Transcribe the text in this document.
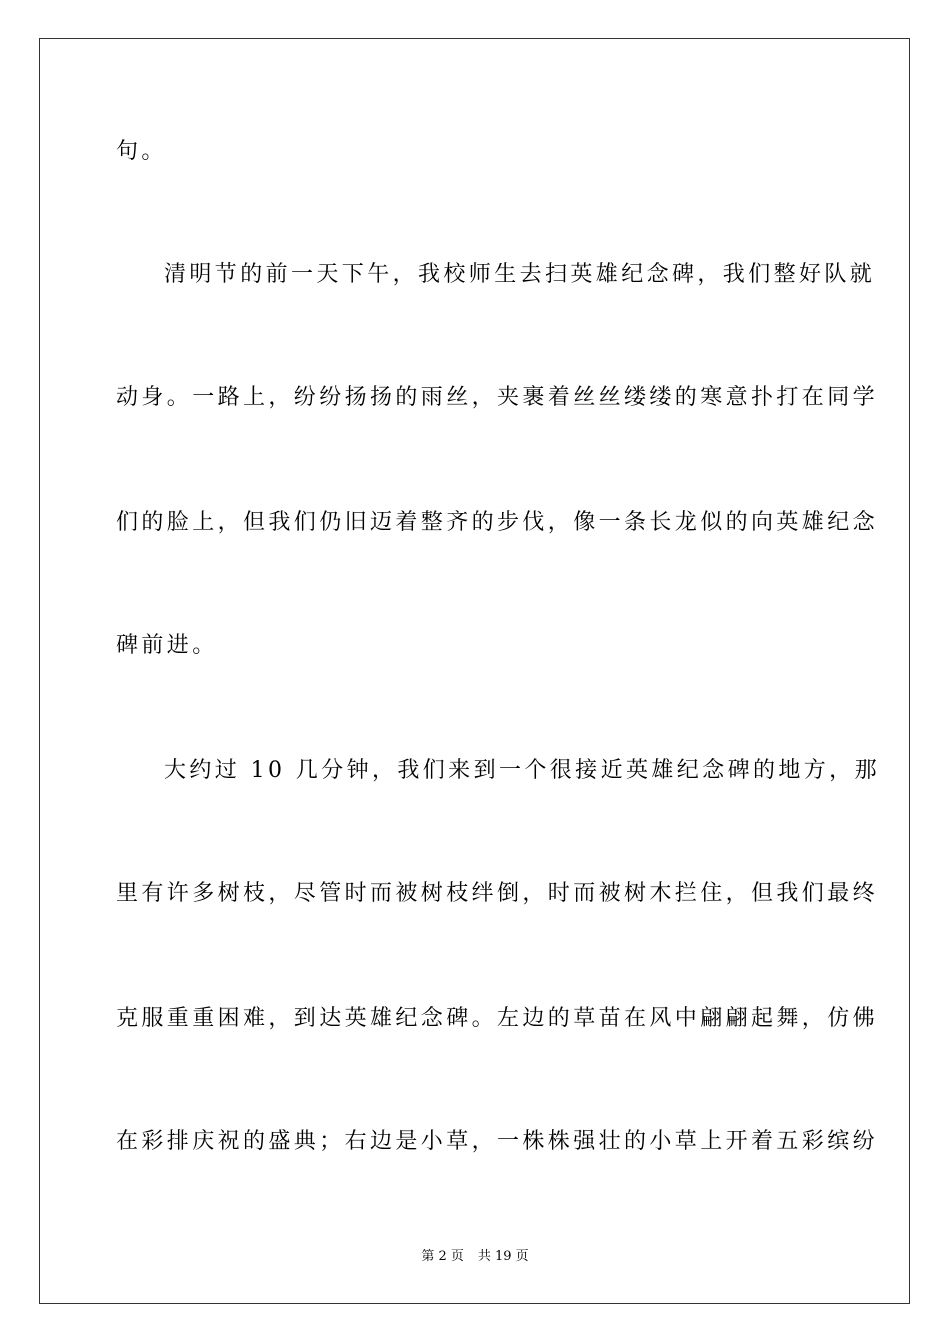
句。
清明节的前一天下午，我校师生去扫英雄纪念碑，我们整好队就
动身。一路上，纷纷扬扬的雨丝，夹裹着丝丝缕缕的寒意扑打在同学
们的脸上，但我们仍旧迈着整齐的步伐，像一条长龙似的向英雄纪念
碑前进。
大约过 10 几分钟，我们来到一个很接近英雄纪念碑的地方，那
里有许多树枝，尽管时而被树枝绊倒，时而被树木拦住，但我们最终
克服重重困难，到达英雄纪念碑。左边的草苗在风中翩翩起舞，仿佛
在彩排庆祝的盛典；右边是小草，一株株强壮的小草上开着五彩缤纷
第 2 页 共 19 页
